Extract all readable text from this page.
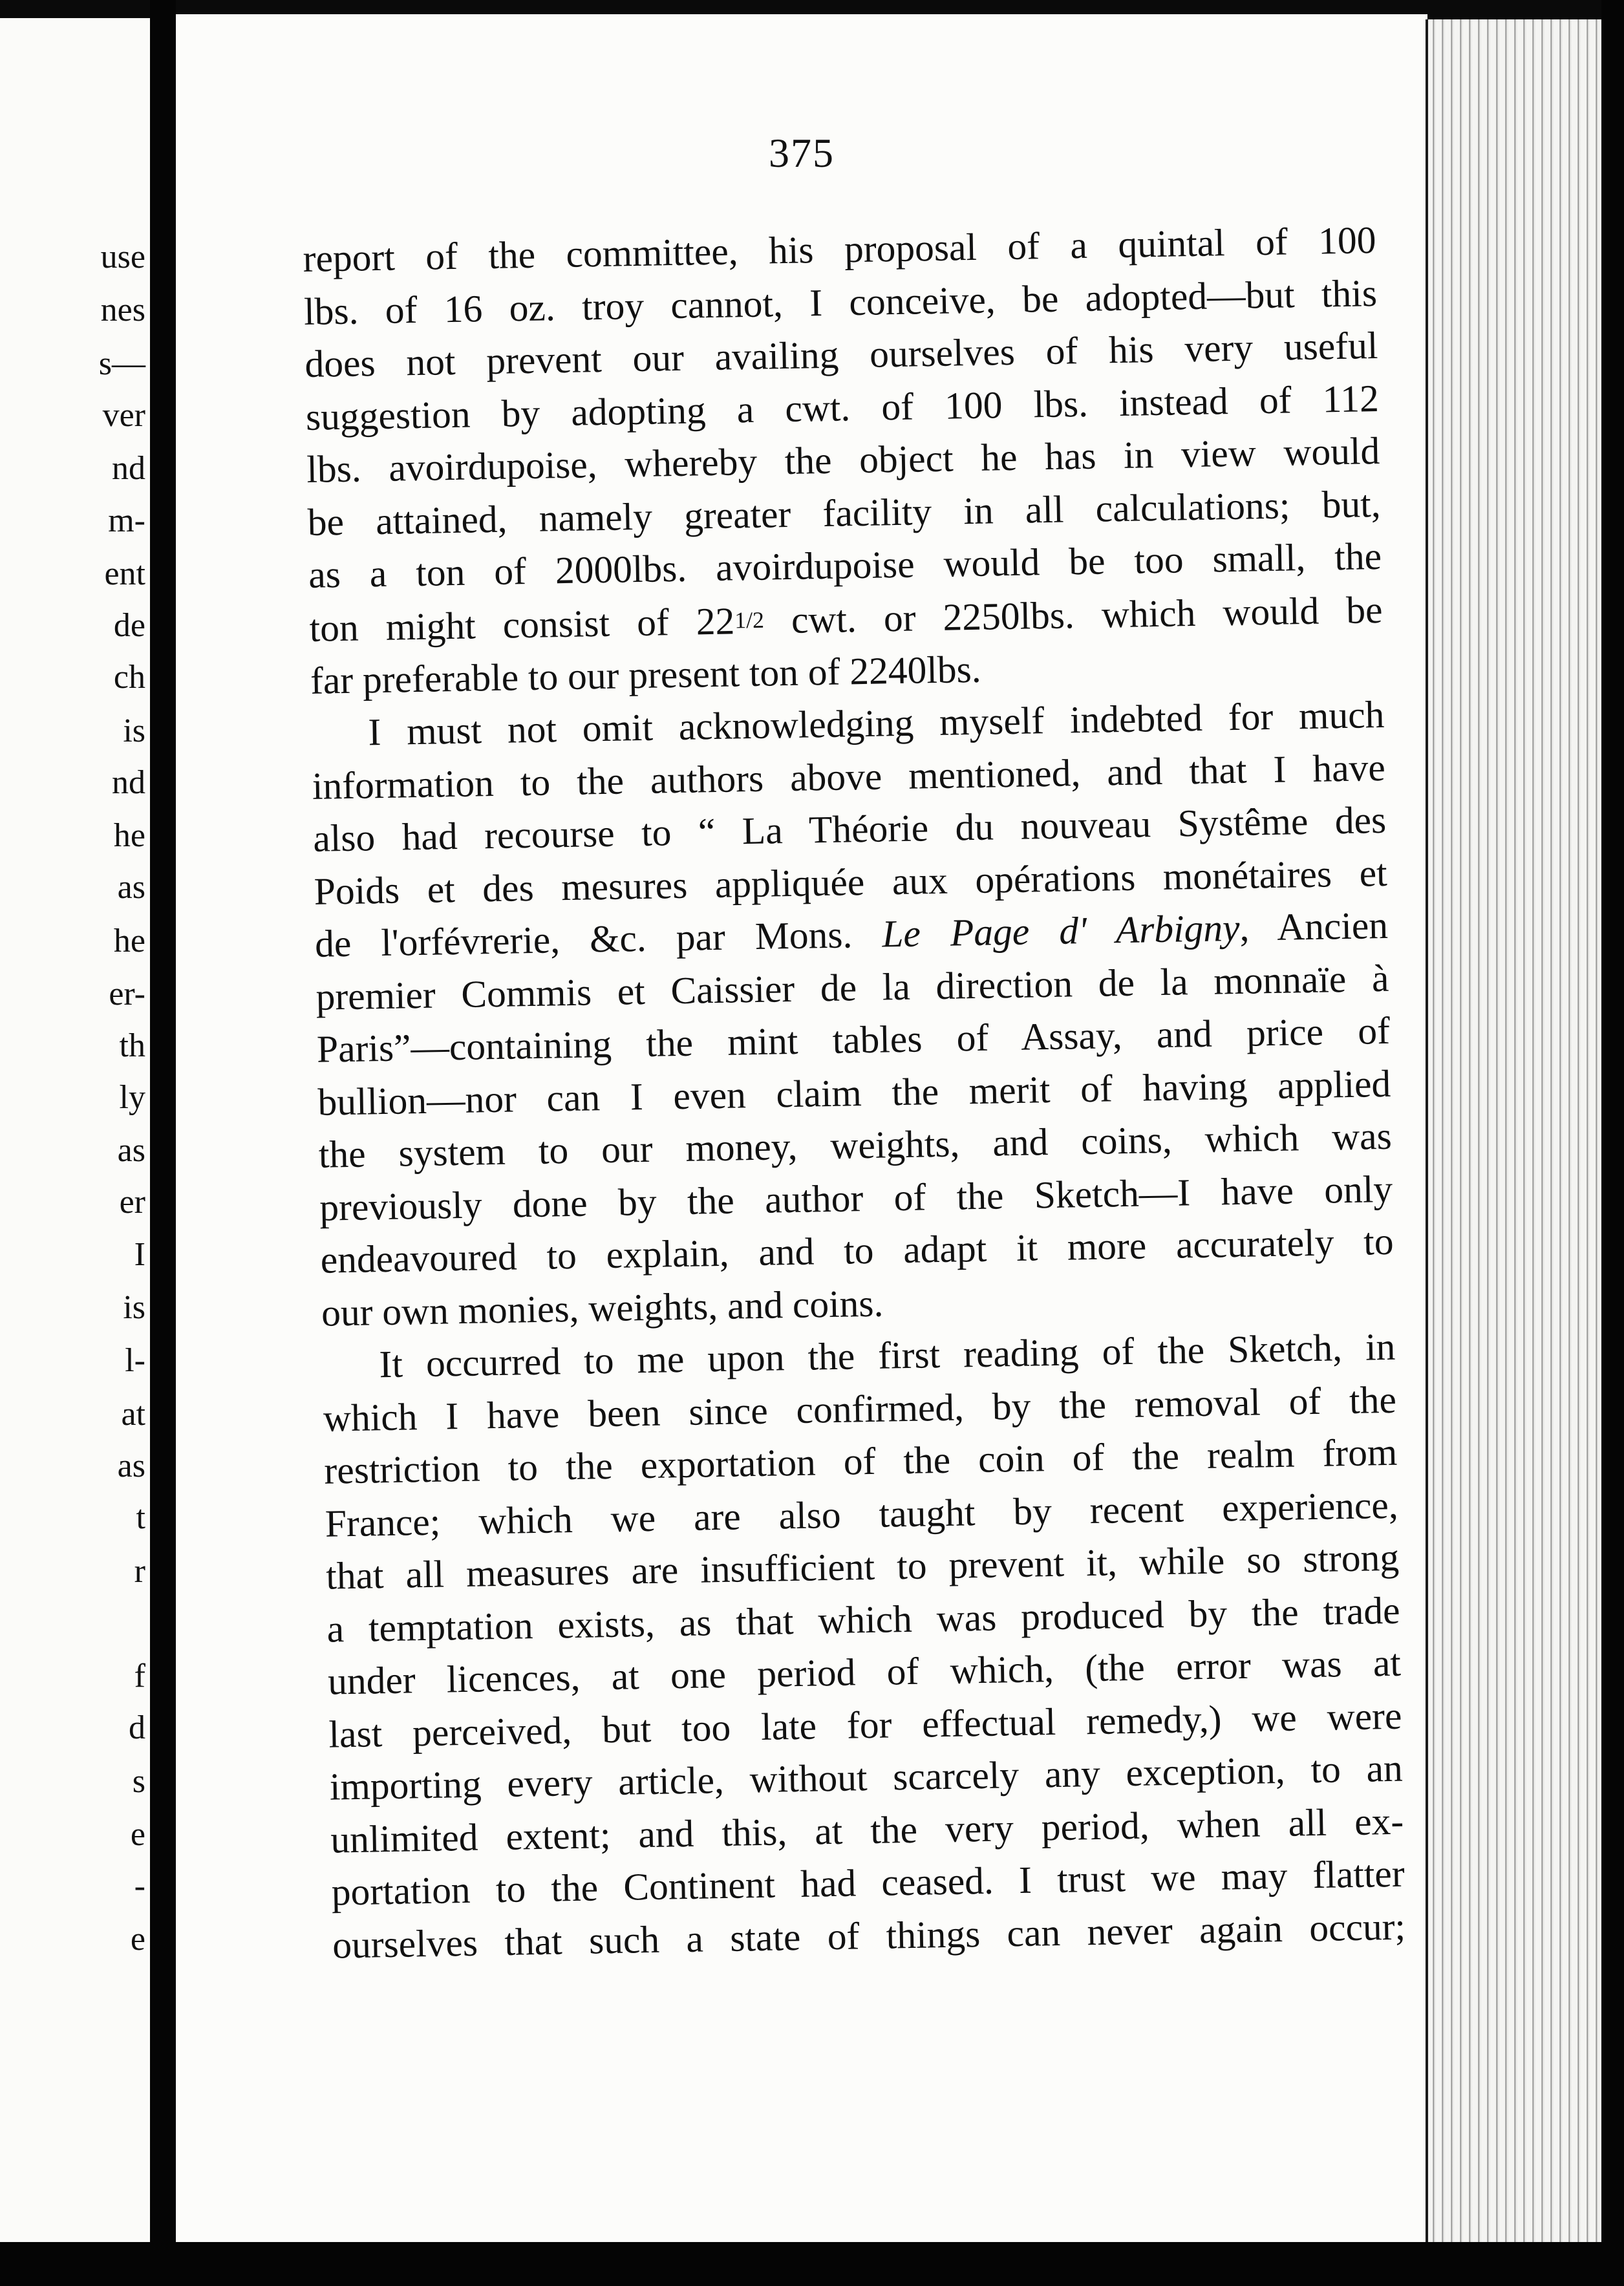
use
nes
s—
ver
nd
m-
ent
de
ch
is
nd
he
as
he
er-
th
ly
as
er
I
is
l-
at
as
t
r
f
d
s
e
-
e
375
report of the committee, his proposal of a quintal of 100
lbs. of 16 oz. troy cannot, I conceive, be adopted—but this
does not prevent our availing ourselves of his very useful
suggestion by adopting a cwt. of 100 lbs. instead of 112
lbs. avoirdupoise, whereby the object he has in view would
be attained, namely greater facility in all calculations; but,
as a ton of 2000lbs. avoirdupoise would be too small, the
ton might consist of 221/2 cwt. or 2250lbs. which would be
far preferable to our present ton of 2240lbs.
I must not omit acknowledging myself indebted for much
information to the authors above mentioned, and that I have
also had recourse to “ La Théorie du nouveau Systême des
Poids et des mesures appliquée aux opérations monétaires et
de l'orfévrerie, &c. par Mons. Le Page d' Arbigny, Ancien
premier Commis et Caissier de la direction de la monnaïe à
Paris”—containing the mint tables of Assay, and price of
bullion—nor can I even claim the merit of having applied
the system to our money, weights, and coins, which was
previously done by the author of the Sketch—I have only
endeavoured to explain, and to adapt it more accurately to
our own monies, weights, and coins.
It occurred to me upon the first reading of the Sketch, in
which I have been since confirmed, by the removal of the
restriction to the exportation of the coin of the realm from
France; which we are also taught by recent experience,
that all measures are insufficient to prevent it, while so strong
a temptation exists, as that which was produced by the trade
under licences, at one period of which, (the error was at
last perceived, but too late for effectual remedy,) we were
importing every article, without scarcely any exception, to an
unlimited extent; and this, at the very period, when all ex-
portation to the Continent had ceased. I trust we may flatter
ourselves that such a state of things can never again occur;
